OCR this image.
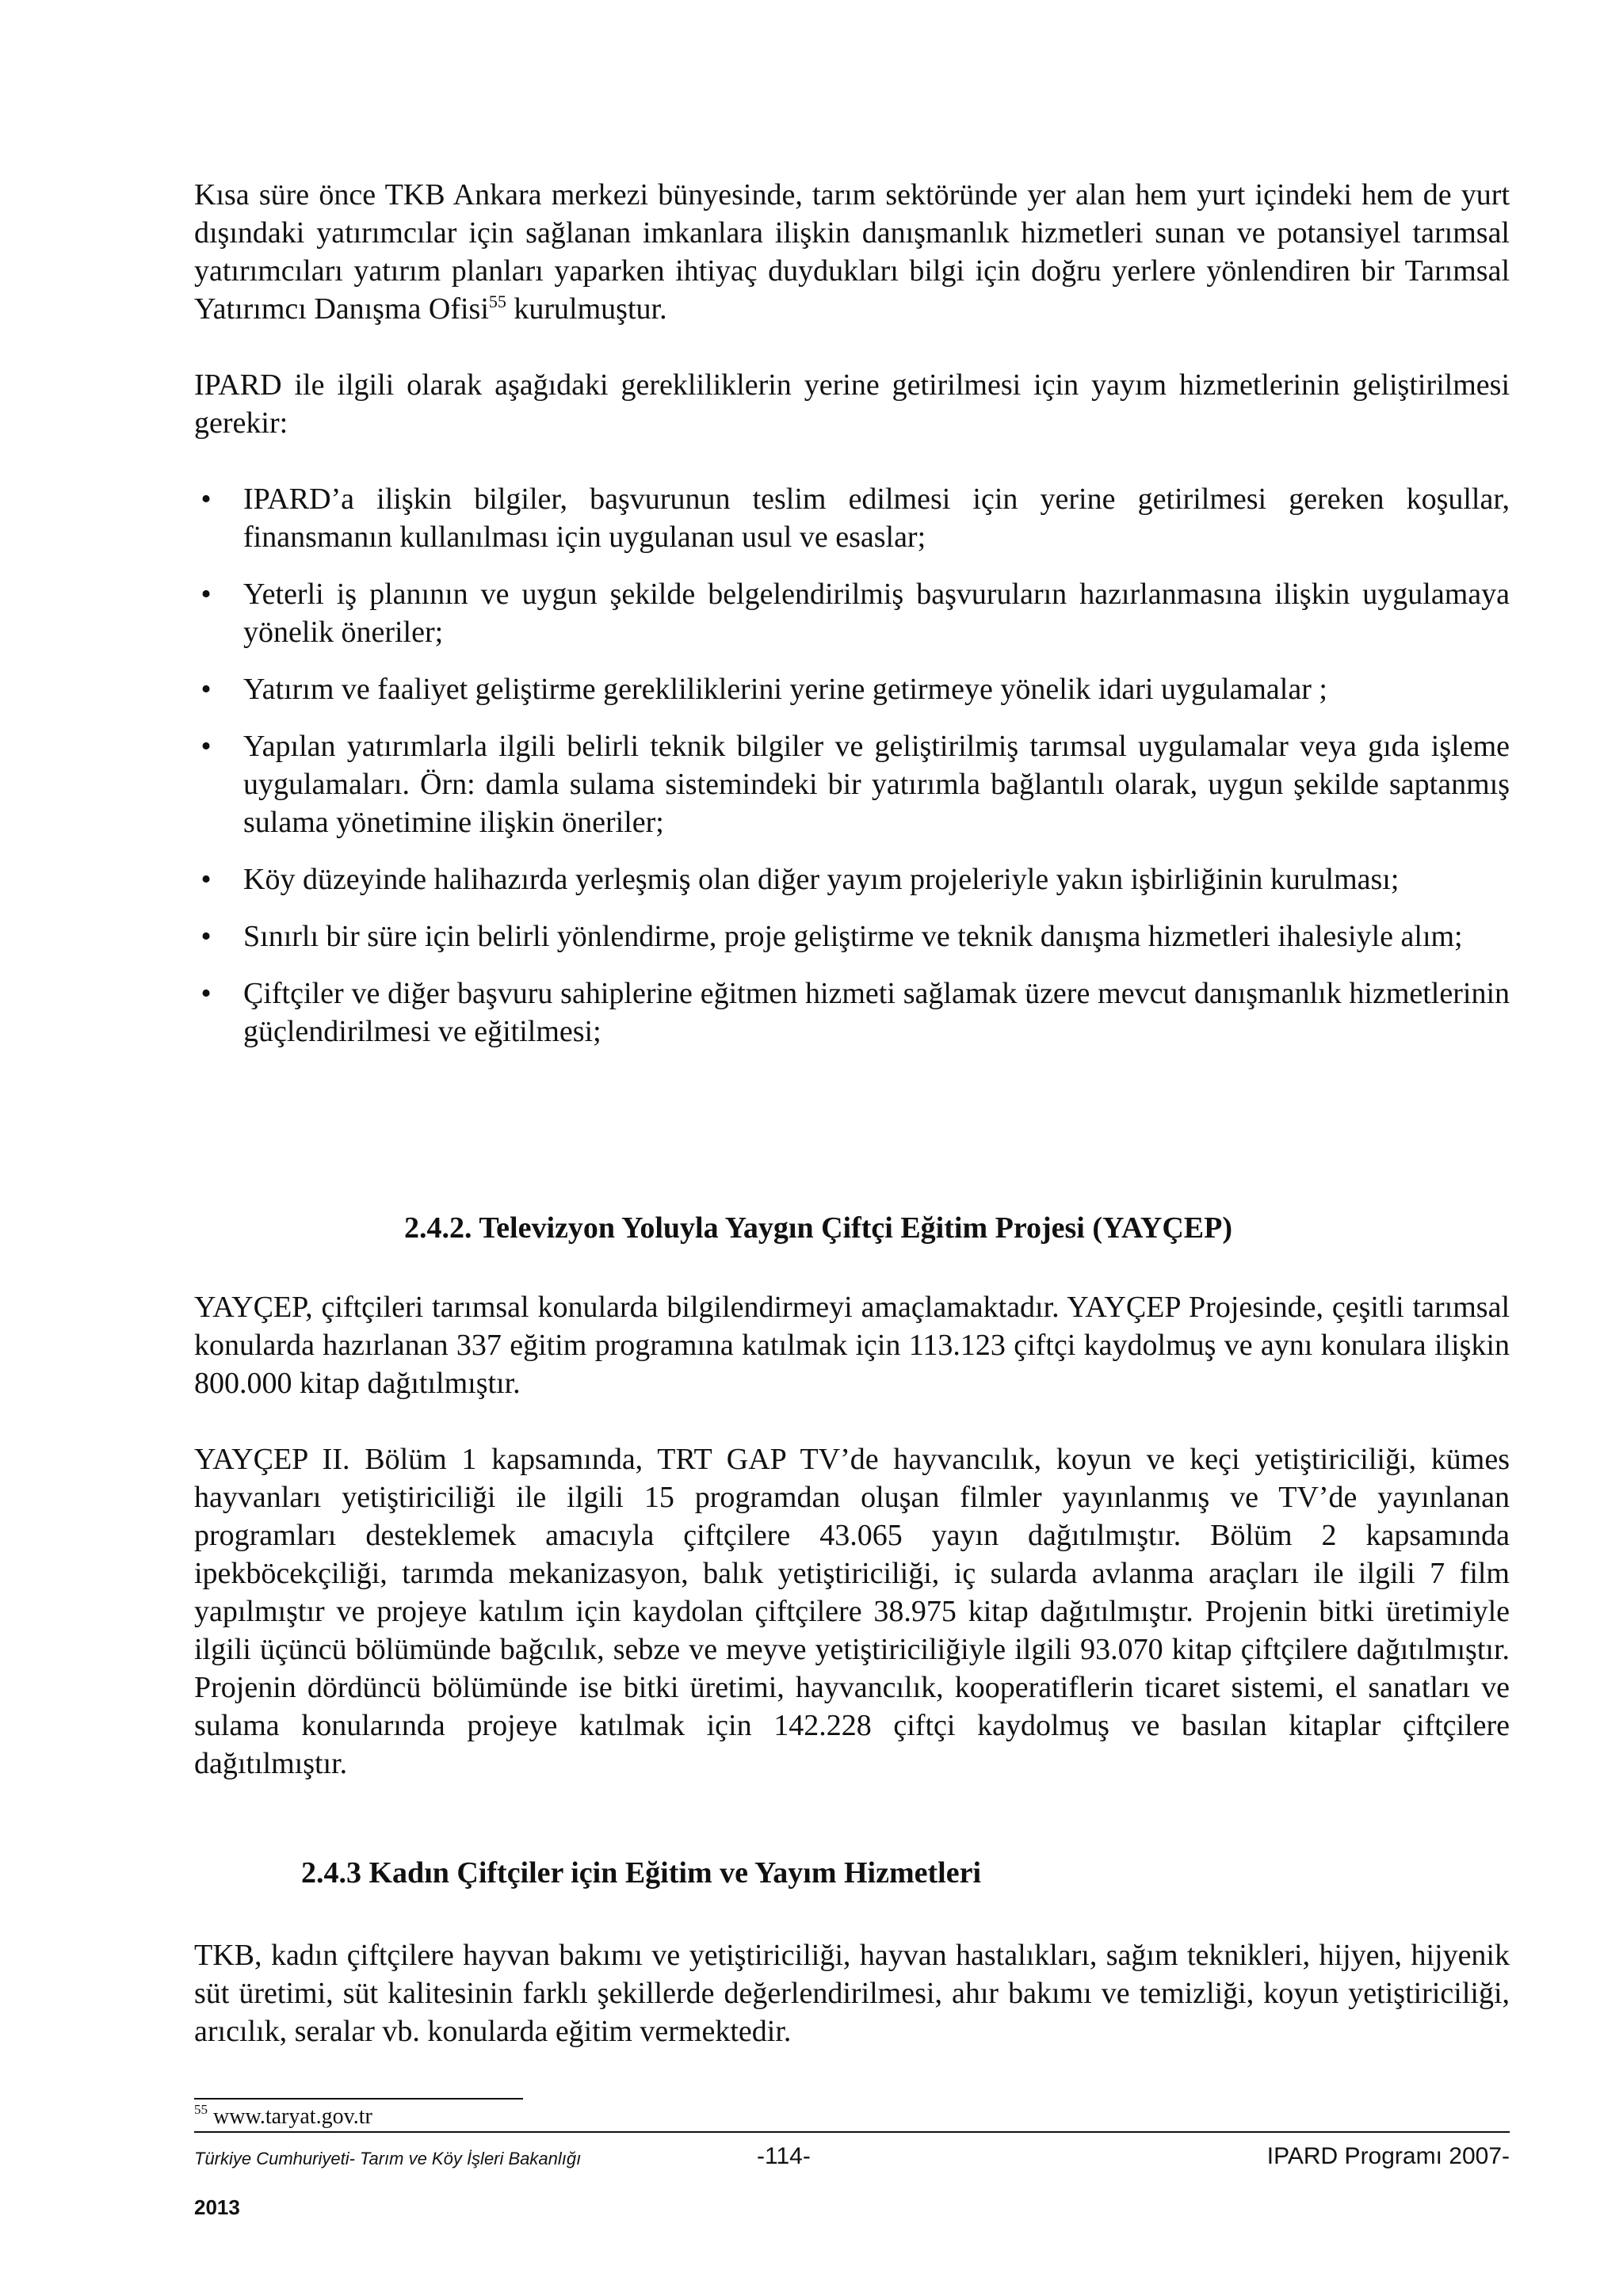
Kısa süre önce TKB Ankara merkezi bünyesinde, tarım sektöründe yer alan hem yurt içindeki hem de yurt dışındaki yatırımcılar için sağlanan imkanlara ilişkin danışmanlık hizmetleri sunan ve potansiyel tarımsal yatırımcıları yatırım planları yaparken ihtiyaç duydukları bilgi için doğru yerlere yönlendiren bir Tarımsal Yatırımcı Danışma Ofisi$^{55}$ kurulmuştur.

IPARD ile ilgili olarak aşağıdaki gerekliliklerin yerine getirilmesi için yayım hizmetlerinin geliştirilmesi gerekir:

• IPARD’a ilişkin bilgiler, başvurunun teslim edilmesi için yerine getirilmesi gereken koşullar, finansmanın kullanılması için uygulanan usul ve esaslar;
• Yeterli iş planının ve uygun şekilde belgelendirilmiş başvuruların hazırlanmasına ilişkin uygulamaya yönelik öneriler;
• Yatırım ve faaliyet geliştirme gerekliliklerini yerine getirmeye yönelik idari uygulamalar ;
• Yapılan yatırımlarla ilgili belirli teknik bilgiler ve geliştirilmiş tarımsal uygulamalar veya gıda işleme uygulamaları. Örn: damla sulama sistemindeki bir yatırımla bağlantılı olarak, uygun şekilde saptanmış sulama yönetimine ilişkin öneriler;
• Köy düzeyinde halihazırda yerleşmiş olan diğer yayım projeleriyle yakın işbirliğinin kurulması;
• Sınırlı bir süre için belirli yönlendirme, proje geliştirme ve teknik danışma hizmetleri ihalesiyle alım;
• Çiftçiler ve diğer başvuru sahiplerine eğitmen hizmeti sağlamak üzere mevcut danışmanlık hizmetlerinin güçlendirilmesi ve eğitilmesi;
2.4.2. Televizyon Yoluyla Yaygın Çiftçi Eğitim Projesi (YAYÇEP)

YAYÇEP, çiftçileri tarımsal konularda bilgilendirmeyi amaçlamaktadır. YAYÇEP Projesinde, çeşitli tarımsal konularda hazırlanan 337 eğitim programına katılmak için 113.123 çiftçi kaydolmuş ve aynı konulara ilişkin 800.000 kitap dağıtılmıştır.

YAYÇEP II. Bölüm 1 kapsamında, TRT GAP TV’de hayvancılık, koyun ve keçi yetiştiriciliği, kümes hayvanları yetiştiriciliği ile ilgili 15 programdan oluşan filmler yayınlanmış ve TV’de yayınlanan programları desteklemek amacıyla çiftçilere 43.065 yayın dağıtılmıştır. Bölüm 2 kapsamında ipekböcekçiliği, tarımda mekanizasyon, balık yetiştiriciliği, iç sularda avlanma araçları ile ilgili 7 film yapılmıştır ve projeye katılım için kaydolan çiftçilere 38.975 kitap dağıtılmıştır. Projenin bitki üretimiyle ilgili üçüncü bölümünde bağcılık, sebze ve meyve yetiştiriciliğiyle ilgili 93.070 kitap çiftçilere dağıtılmıştır. Projenin dördüncü bölümünde ise bitki üretimi, hayvancılık, kooperatiflerin ticaret sistemi, el sanatları ve sulama konularında projeye katılmak için 142.228 çiftçi kaydolmuş ve basılan kitaplar çiftçilere dağıtılmıştır.

2.4.3 Kadın Çiftçiler için Eğitim ve Yayım Hizmetleri

TKB, kadın çiftçilere hayvan bakımı ve yetiştiriciliği, hayvan hastalıkları, sağım teknikleri, hijyen, hijyenik süt üretimi, süt kalitesinin farklı şekillerde değerlendirilmesi, ahır bakımı ve temizliği, koyun yetiştiriciliği, arıcılık, seralar vb. konularda eğitim vermektedir.

$^{55}$ www.taryat.gov.tr
Türkiye Cumhuriyeti- Tarım ve Köy İşleri Bakanlığı	-114-	IPARD Programı 2007-
2013
